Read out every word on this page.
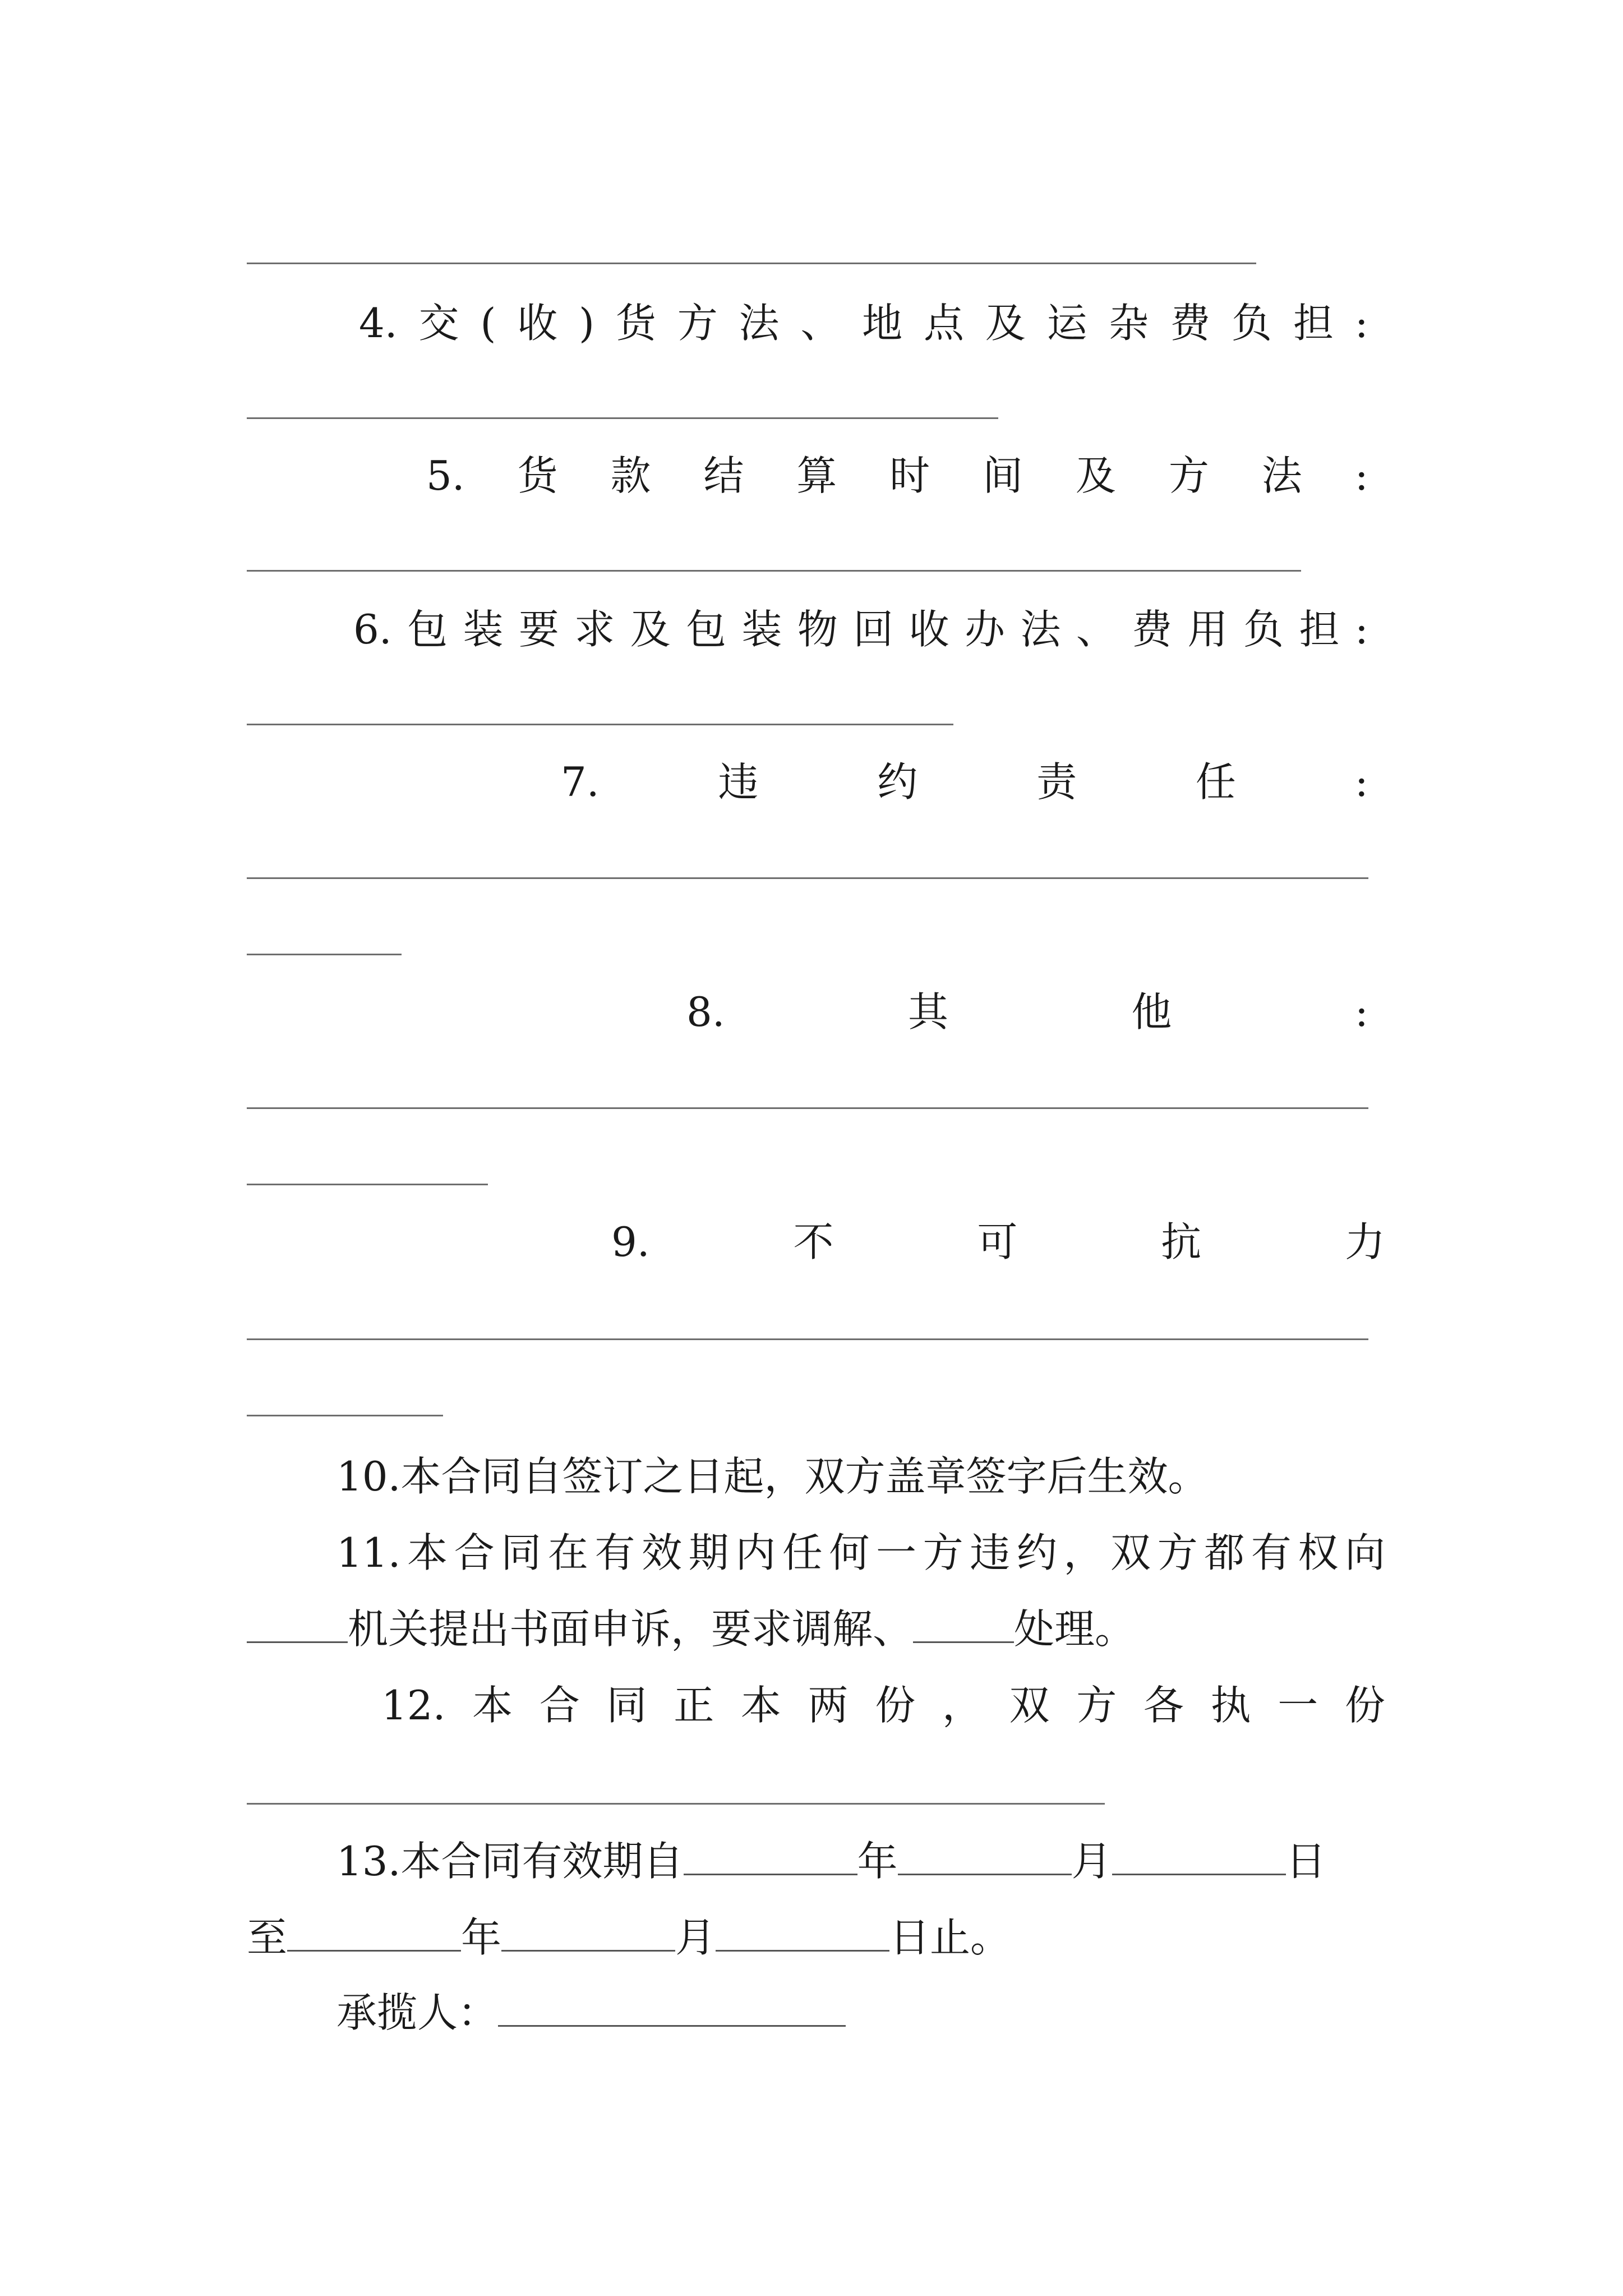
4. 交 ( 收 ) 货 方 法 、 地 点 及 运 杂 费 负 担 :
5. 货 款 结 算 时 间 及 方 法 :
6. 包 装 要 求 及 包 装 物 回 收 办 法 、 费 用 负 担 :
7.	违	约	责	任	:
8.	其	他	:
9.	不	可	抗	力
10.本合同自签订之日起，双方盖章签字后生效。
11. 本 合 同 在 有 效 期 内 任 何 一 方 违 约 ， 双 方 都 有 权 向
机关提出书面申诉，要求调解、	处理。
12. 本 合 同 正 本 两 份 ， 双 方 各 执 一 份
13.本合同有效期自	年	月	日
至	年	月	日止。
承揽人：
